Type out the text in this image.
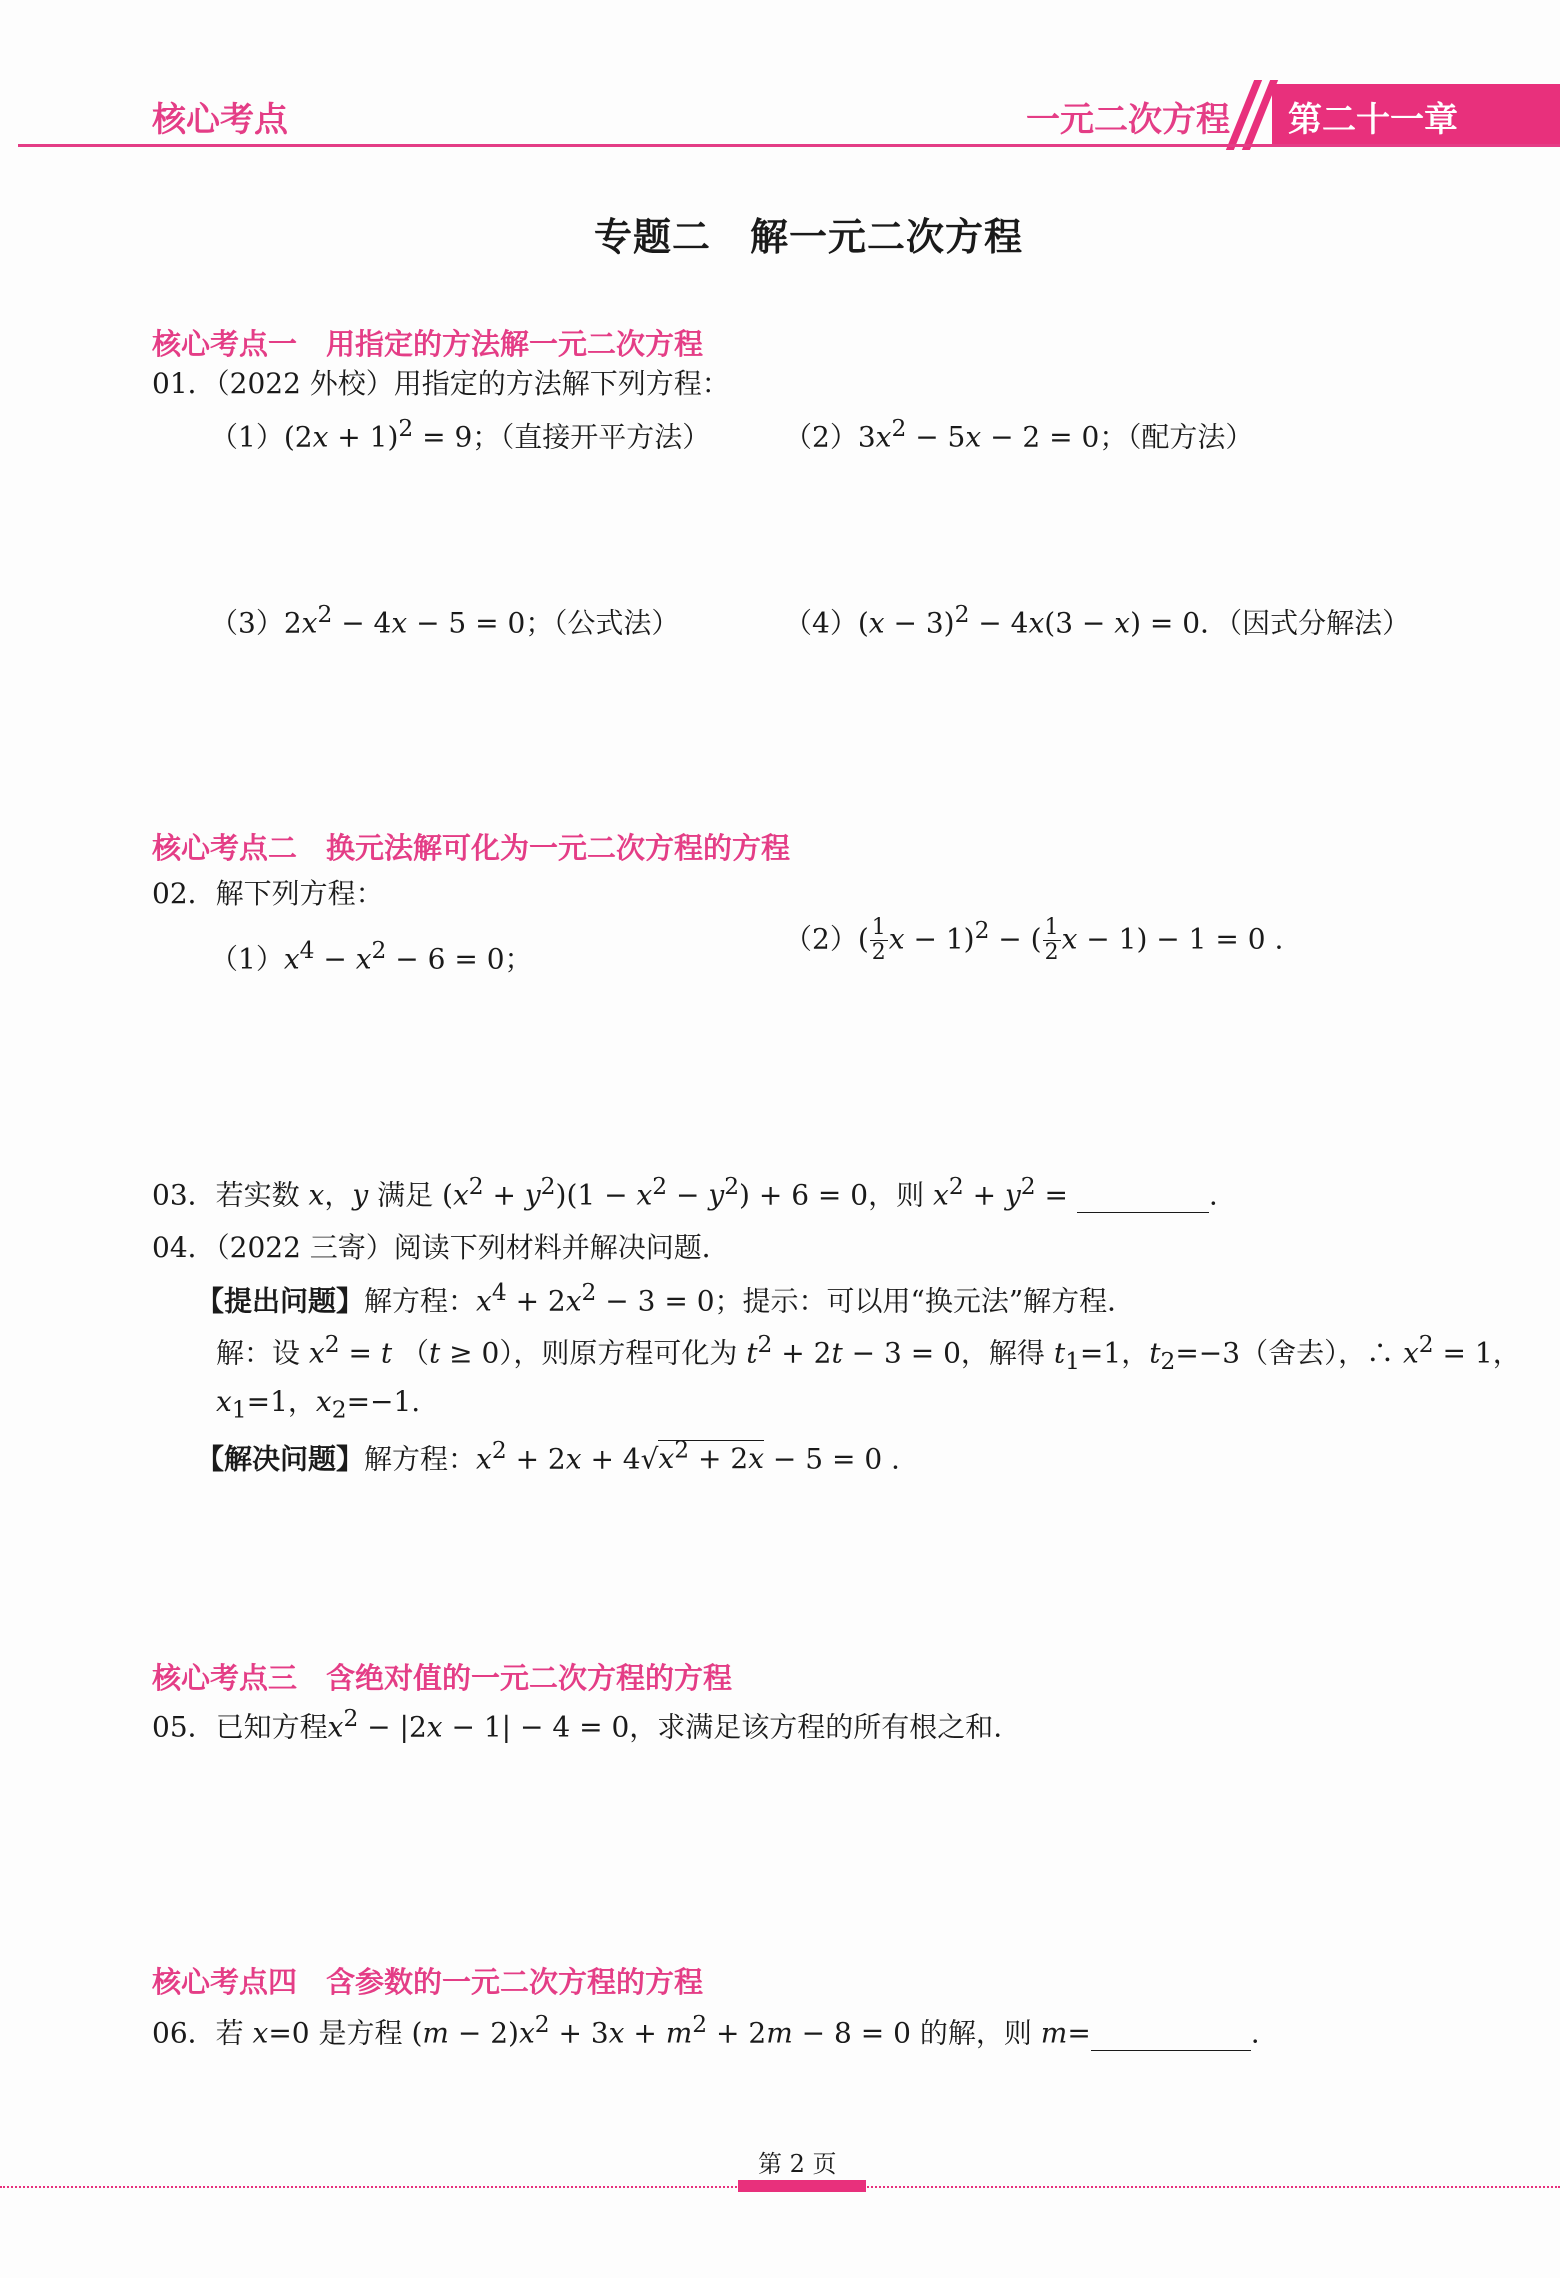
核心考点	一元二次方程 第二十一章
专题二　解一元二次方程
核心考点一　用指定的方法解一元二次方程
01．（2022 外校）用指定的方法解下列方程：
$(1)(2x + 1)^2 = 9$；（直接开平方法）	$(2)3x^2 - 5x - 2 = 0$；（配方法）
$(3)2x^2 - 4x - 5 = 0$；（公式法）	$(4)(x - 3)^2 - 4x(3 - x) = 0$．（因式分解法）
核心考点二　换元法解可化为一元二次方程的方程
02．解下列方程：
$(1)x^4 - x^2 - 6 = 0$；
$(2)( \frac{1}{2}$ $x - 1)^2$ − ( $\frac{1}{2}$ x − 1) − 1 = 0 .
03．若实数 x，y 满足 $(x^2 + y^2)(1 - x^2 - y^2) + 6 = 0$，则 $x^2 + y^2$ =	.
04．（2022 三寄）阅读下列材料并解决问题．
【提出问题】解方程：$x^4 + 2x^2 - 3 = 0$；提示：可以用“换元法”解方程．
解：设 $x^2 = t$ （t ≥ 0），则原方程可化为 $t^2 + 2t - 3 = 0$，解得 $t_1=1$，$t_2=-3$（舍去），∴ $x^2 = 1$，
$x_1=1$，$x_2=-1$.
【解决问题】解方程：$x^2 + 2x + 4√x^2 + 2x - 5 = 0$ .
核心考点三　含绝对值的一元二次方程的方程
05．已知方程$x^2 - |2x - 1| - 4 = 0$，求满足该方程的所有根之和.
核心考点四　含参数的一元二次方程的方程
06．若 x=0 是方程 $(m - 2)x^2 + 3x + m^2 + 2m - 8 = 0$ 的解，则 m=	.
第 2 页
